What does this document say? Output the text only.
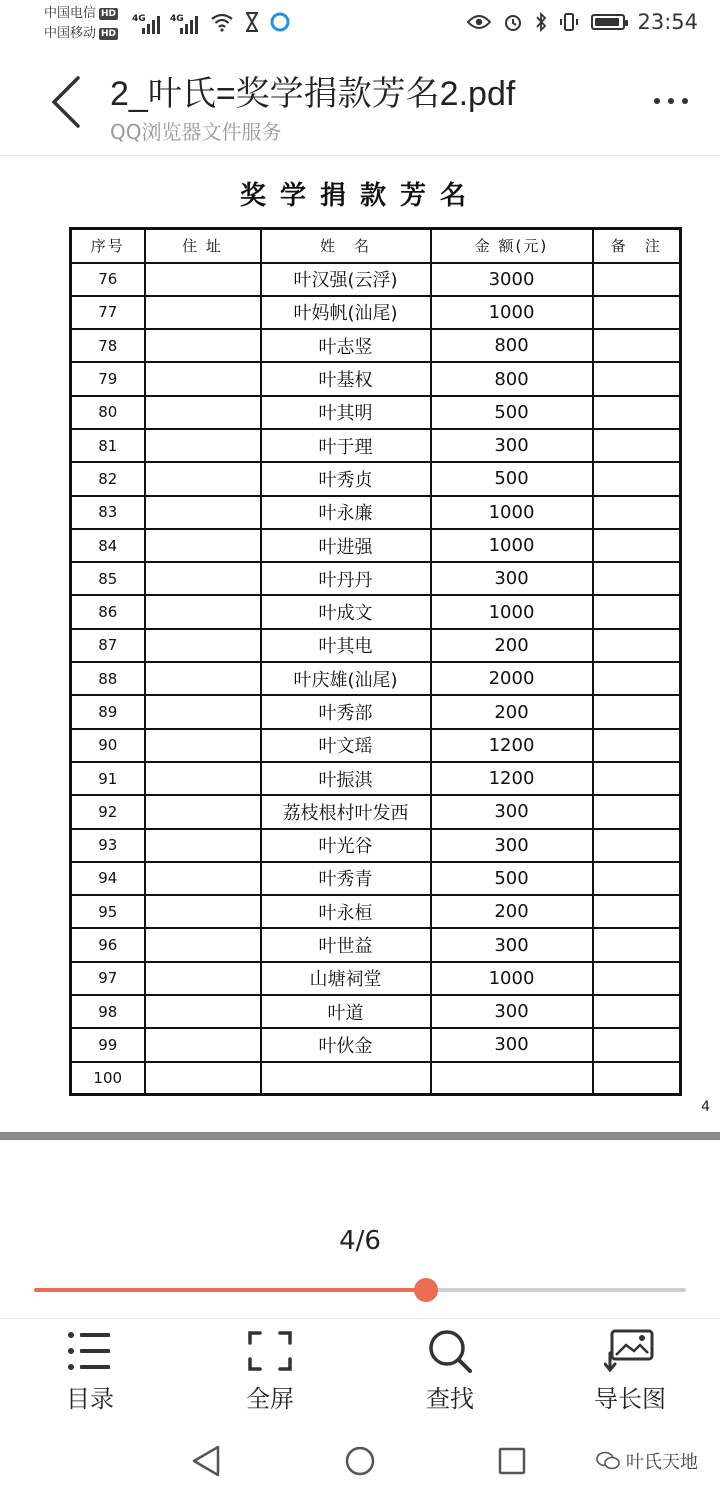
中国电信 HD
中国移动 HD
4G	4G	23:54
2_叶氏=奖学捐款芳名2.pdf
QQ浏览器文件服务
奖学捐款芳名
序号	住 址	姓　名	金 额(元)	备　注
76		叶汉强(云浮)	3000	
77		叶妈帆(汕尾)	1000	
78		叶志竖	800	
79		叶基权	800	
80		叶其明	500	
81		叶于理	300	
82		叶秀贞	500	
83		叶永廉	1000	
84		叶进强	1000	
85		叶丹丹	300	
86		叶成文	1000	
87		叶其电	200	
88		叶庆雄(汕尾)	2000	
89		叶秀部	200	
90		叶文瑶	1200	
91		叶振淇	1200	
92		荔枝根村叶发西	300	
93		叶光谷	300	
94		叶秀青	500	
95		叶永桓	200	
96		叶世益	300	
97		山塘祠堂	1000	
98		叶道	300	
99		叶伙金	300	
100				
4
4/6
目录	全屏	查找	导长图
叶氏天地
